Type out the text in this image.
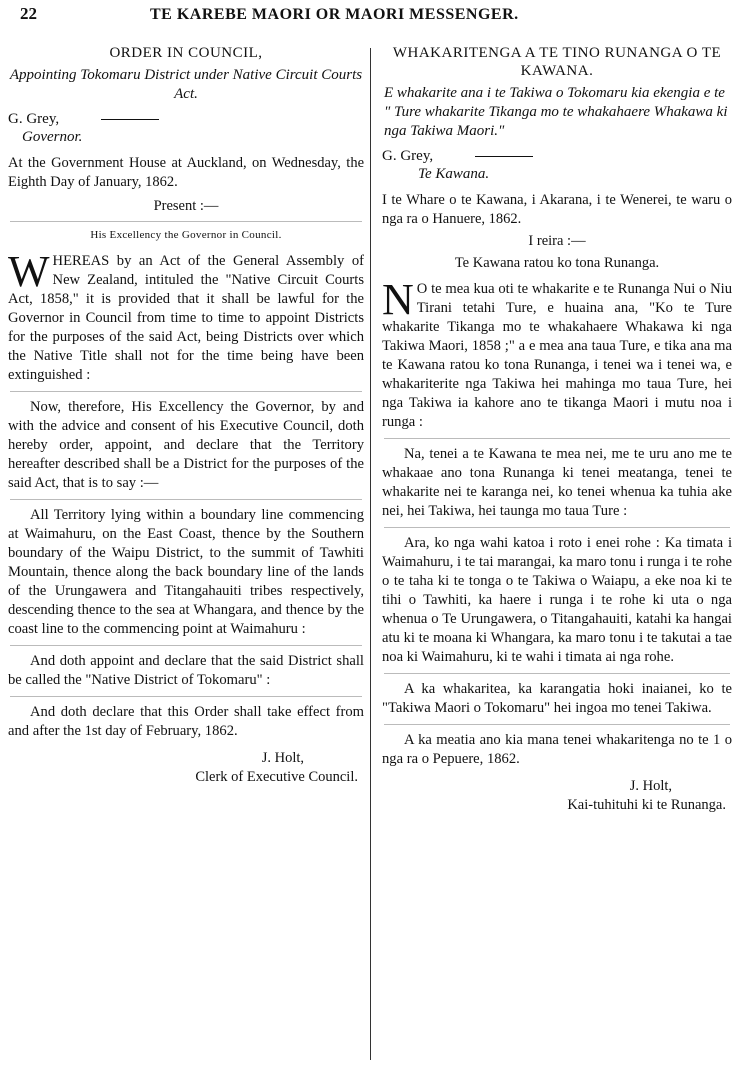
22	TE KAREBE MAORI OR MAORI MESSENGER.
ORDER IN COUNCIL,
Appointing Tokomaru District under Native Circuit Courts Act.
G. Grey,
Governor.
At the Government House at Auckland, on Wednesday, the Eighth Day of January, 1862.
Present :—
His Excellency the Governor in Council.
WHEREAS by an Act of the General Assembly of New Zealand, intituled the "Native Circuit Courts Act, 1858," it is provided that it shall be lawful for the Governor in Council from time to time to appoint Districts for the purposes of the said Act, being Districts over which the Native Title shall not for the time being have been extinguished :
Now, therefore, His Excellency the Governor, by and with the advice and consent of his Executive Council, doth hereby order, appoint, and declare that the Territory hereafter described shall be a District for the purposes of the said Act, that is to say :—
All Territory lying within a boundary line commencing at Waimahuru, on the East Coast, thence by the Southern boundary of the Waipu District, to the summit of Tawhiti Mountain, thence along the back boundary line of the lands of the Urungawera and Titangahauiti tribes respectively, descending thence to the sea at Whangara, and thence by the coast line to the commencing point at Waimahuru :
And doth appoint and declare that the said District shall be called the "Native District of Tokomaru" :
And doth declare that this Order shall take effect from and after the 1st day of February, 1862.
J. Holt,
Clerk of Executive Council.
WHAKARITENGA A TE TINO RUNANGA O TE KAWANA.
E whakarite ana i te Takiwa o Tokomaru kia ekengia e te " Ture whakarite Tikanga mo te whakahaere Whakawa ki nga Takiwa Maori."
G. Grey,
Te Kawana.
I te Whare o te Kawana, i Akarana, i te Wenerei, te waru o nga ra o Hanuere, 1862.
I reira :—
Te Kawana ratou ko tona Runanga.
N O te mea kua oti te whakarite e te Runanga Nui o Niu Tirani tetahi Ture, e huaina ana, "Ko te Ture whakarite Tikanga mo te whakahaere Whakawa ki nga Takiwa Maori, 1858 ;" a e mea ana taua Ture, e tika ana ma te Kawana ratou ko tona Runanga, i tenei wa i tenei wa, e whakariterite nga Takiwa hei mahinga mo taua Ture, hei nga Takiwa ia kahore ano te tikanga Maori i mutu noa i runga :
Na, tenei a te Kawana te mea nei, me te uru ano me te whakaae ano tona Runanga ki tenei meatanga, tenei te whakarite nei te karanga nei, ko tenei whenua ka tuhia ake nei, hei Takiwa, hei taunga mo taua Ture :
Ara, ko nga wahi katoa i roto i enei rohe : Ka timata i Waimahuru, i te tai marangai, ka maro tonu i runga i te rohe o te taha ki te tonga o te Takiwa o Waiapu, a eke noa ki te tihi o Tawhiti, ka haere i runga i te rohe ki uta o nga whenua o Te Urungawera, o Titangahauiti, katahi ka hangai atu ki te moana ki Whangara, ka maro tonu i te takutai a tae noa ki Waimahuru, ki te wahi i timata ai nga rohe.
A ka whakaritea, ka karangatia hoki inaianei, ko te "Takiwa Maori o Tokomaru" hei ingoa mo tenei Takiwa.
A ka meatia ano kia mana tenei whakaritenga no te 1 o nga ra o Pepuere, 1862.
J. Holt,
Kai-tuhituhi ki te Runanga.
